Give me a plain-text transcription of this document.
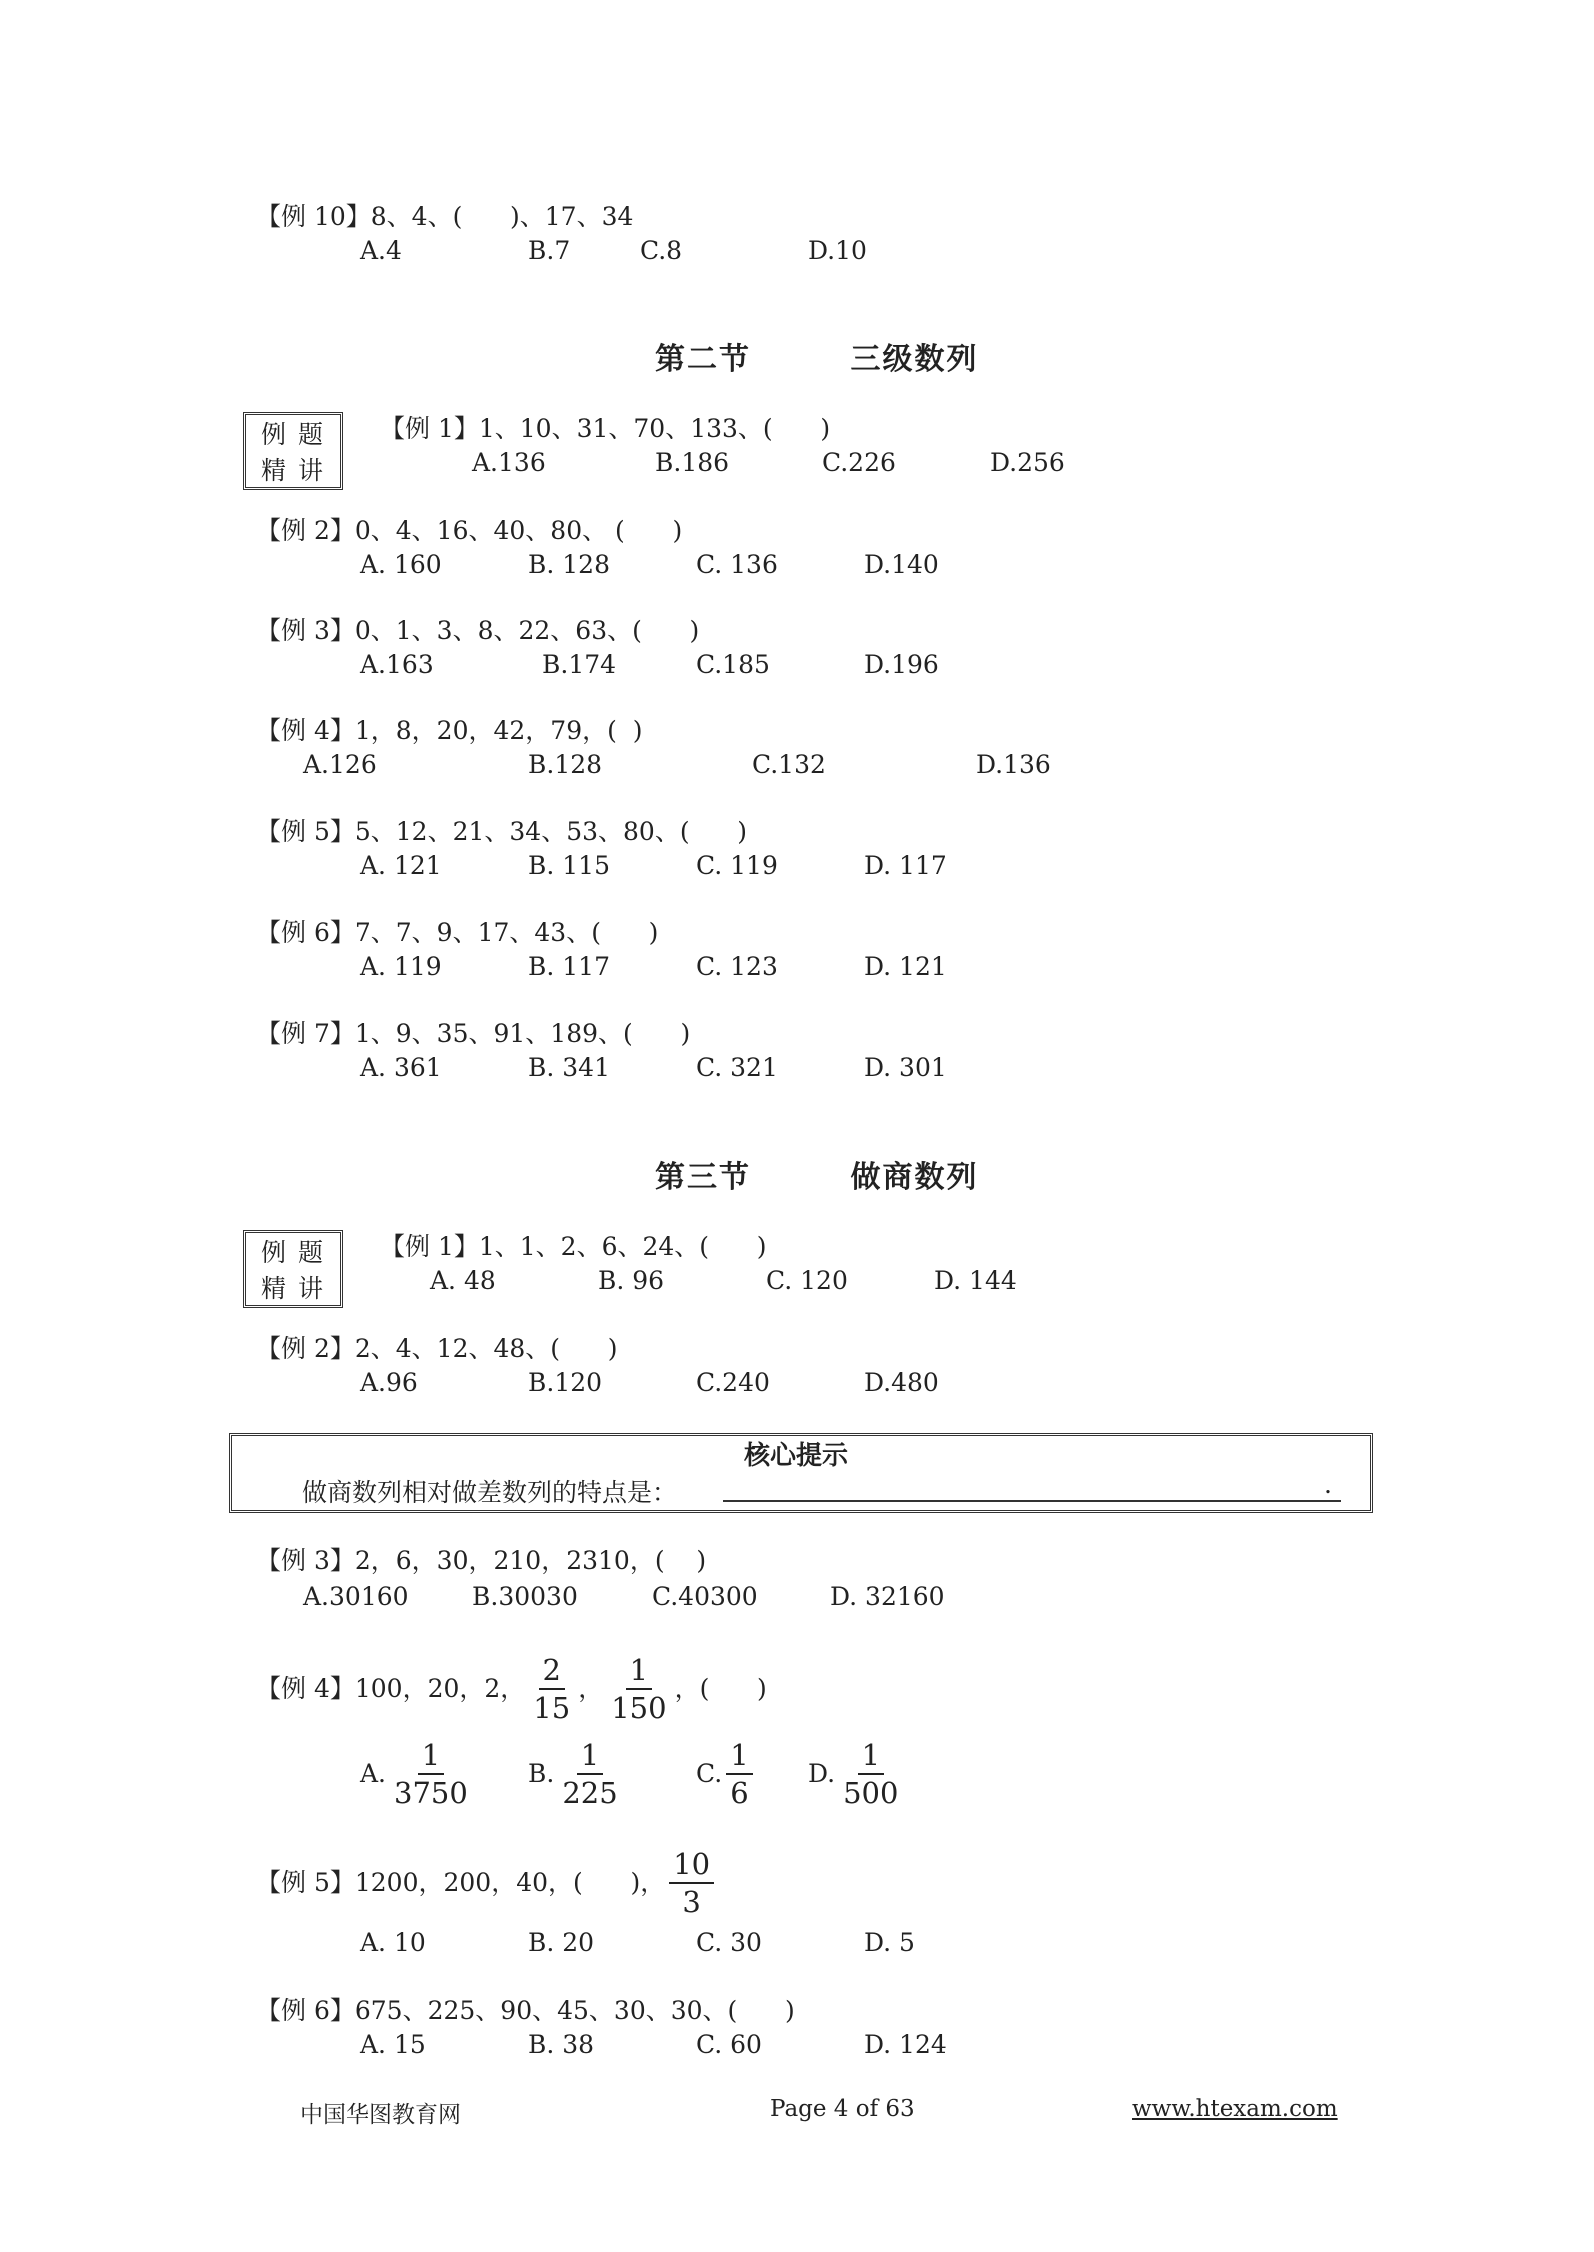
【例 10】8、4、(      )、17、34
A.4	B.7	C.8	D.10
第二节        三级数列
例题
精讲
【例 1】1、10、31、70、133、(      )
A.136	B.186	C.226	D.256
【例 2】0、4、16、40、80、 (      )
A. 160	B. 128	C. 136	D.140
【例 3】0、1、3、8、22、63、(      )
A.163	B.174	C.185	D.196
【例 4】1，8，20，42，79，(  )
A.126	B.128	C.132	D.136
【例 5】5、12、21、34、53、80、(      )
A. 121	B. 115	C. 119	D. 117
【例 6】7、7、9、17、43、(      )
A. 119	B. 117	C. 123	D. 121
【例 7】1、9、35、91、189、(      )
A. 361	B. 341	C. 321	D. 301
第三节        做商数列
例题
精讲
【例 1】1、1、2、6、24、(      )
A. 48	B. 96	C. 120	D. 144
【例 2】2、4、12、48、(      )
A.96	B.120	C.240	D.480
核心提示
做商数列相对做差数列的特点是：	.
【例 3】2，6，30，210，2310，(    )
A.30160	B.30030	C.40300	D. 32160
【例 4】100，20，2， $\frac{2}{15}$ ， $\frac{1}{150}$ ，(      )
A. $\frac{1}{3750} B$. $\frac{1}{225}$	C. $\frac{1}{6} D$. $\frac{1}{500}$
【例 5】1200，200，40，(      )， $\frac{10}{3}$
A. 10	B. 20	C. 30	D. 5
【例 6】675、225、90、45、30、30、(      )
A. 15	B. 38	C. 60	D. 124
中国华图教育网	Page 4 of 63	www.htexam.com
